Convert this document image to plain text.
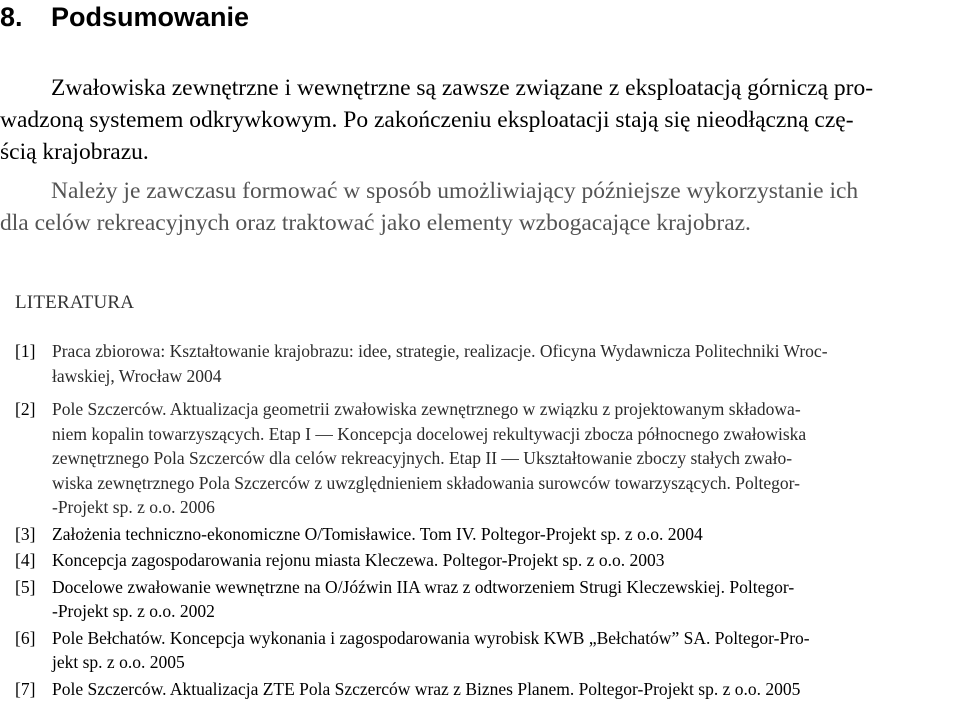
8. Podsumowanie
Zwałowiska zewnętrzne i wewnętrzne są zawsze związane z eksploatacją górniczą pro-
wadzoną systemem odkrywkowym. Po zakończeniu eksploatacji stają się nieodłączną czę-
ścią krajobrazu.
Należy je zawczasu formować w sposób umożliwiający późniejsze wykorzystanie ich
dla celów rekreacyjnych oraz traktować jako elementy wzbogacające krajobraz.
LITERATURA
[1] Praca zbiorowa: Kształtowanie krajobrazu: idee, strategie, realizacje. Oficyna Wydawnicza Politechniki Wroc-
ławskiej, Wrocław 2004
[2] Pole Szczerców. Aktualizacja geometrii zwałowiska zewnętrznego w związku z projektowanym składowa-
niem kopalin towarzyszących. Etap I — Koncepcja docelowej rekultywacji zbocza północnego zwałowiska
zewnętrznego Pola Szczerców dla celów rekreacyjnych. Etap II — Ukształtowanie zboczy stałych zwało-
wiska zewnętrznego Pola Szczerców z uwzględnieniem składowania surowców towarzyszących. Poltegor-
-Projekt sp. z o.o. 2006
[3] Założenia techniczno-ekonomiczne O/Tomisławice. Tom IV. Poltegor-Projekt sp. z o.o. 2004
[4] Koncepcja zagospodarowania rejonu miasta Kleczewa. Poltegor-Projekt sp. z o.o. 2003
[5] Docelowe zwałowanie wewnętrzne na O/Jóźwin IIA wraz z odtworzeniem Strugi Kleczewskiej. Poltegor-
-Projekt sp. z o.o. 2002
[6] Pole Bełchatów. Koncepcja wykonania i zagospodarowania wyrobisk KWB „Bełchatów” SA. Poltegor-Pro-
jekt sp. z o.o. 2005
[7] Pole Szczerców. Aktualizacja ZTE Pola Szczerców wraz z Biznes Planem. Poltegor-Projekt sp. z o.o. 2005
